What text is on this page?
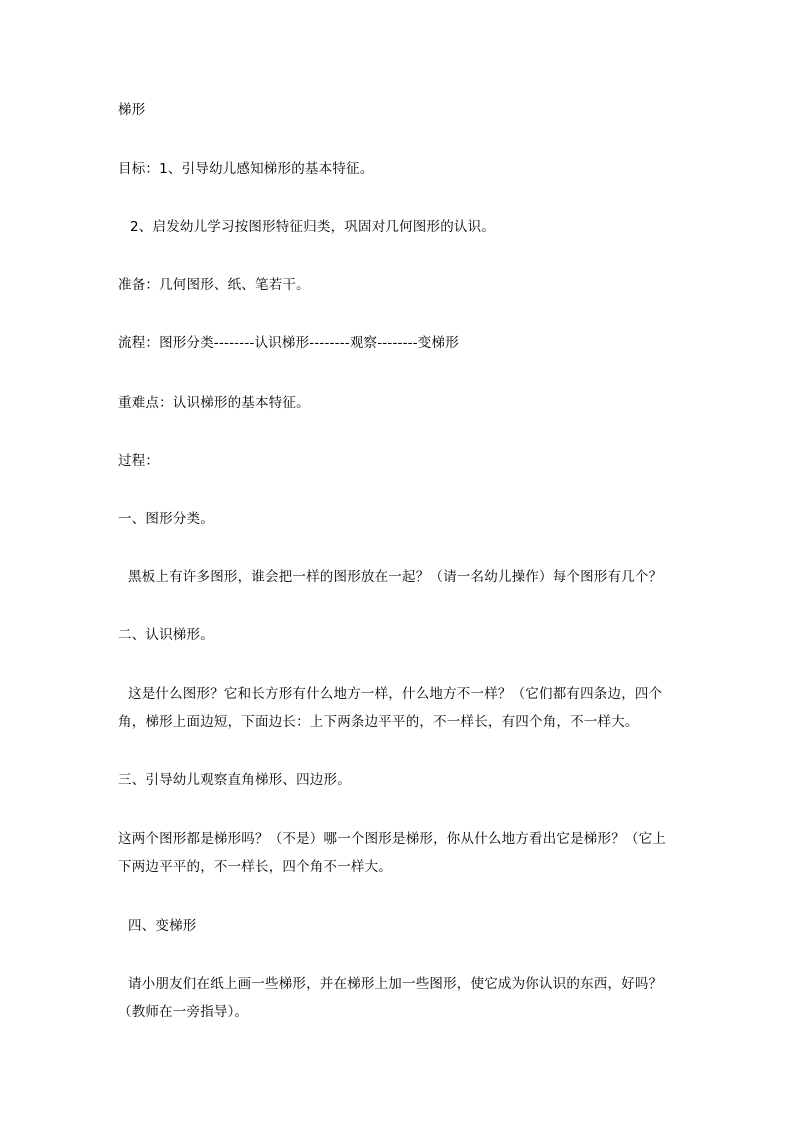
梯形
目标：1、引导幼儿感知梯形的基本特征。
2、启发幼儿学习按图形特征归类，巩固对几何图形的认识。
准备：几何图形、纸、笔若干。
流程：图形分类--------认识梯形--------观察--------变梯形
重难点：认识梯形的基本特征。
过程：
一、图形分类。
黑板上有许多图形，谁会把一样的图形放在一起？（请一名幼儿操作）每个图形有几个？
二、认识梯形。
这是什么图形？它和长方形有什么地方一样，什么地方不一样？（它们都有四条边，四个
角，梯形上面边短，下面边长：上下两条边平平的，不一样长，有四个角，不一样大。
三、引导幼儿观察直角梯形、四边形。
这两个图形都是梯形吗？（不是）哪一个图形是梯形，你从什么地方看出它是梯形？（它上
下两边平平的，不一样长，四个角不一样大。
四、变梯形
请小朋友们在纸上画一些梯形，并在梯形上加一些图形，使它成为你认识的东西，好吗？
（教师在一旁指导）。
